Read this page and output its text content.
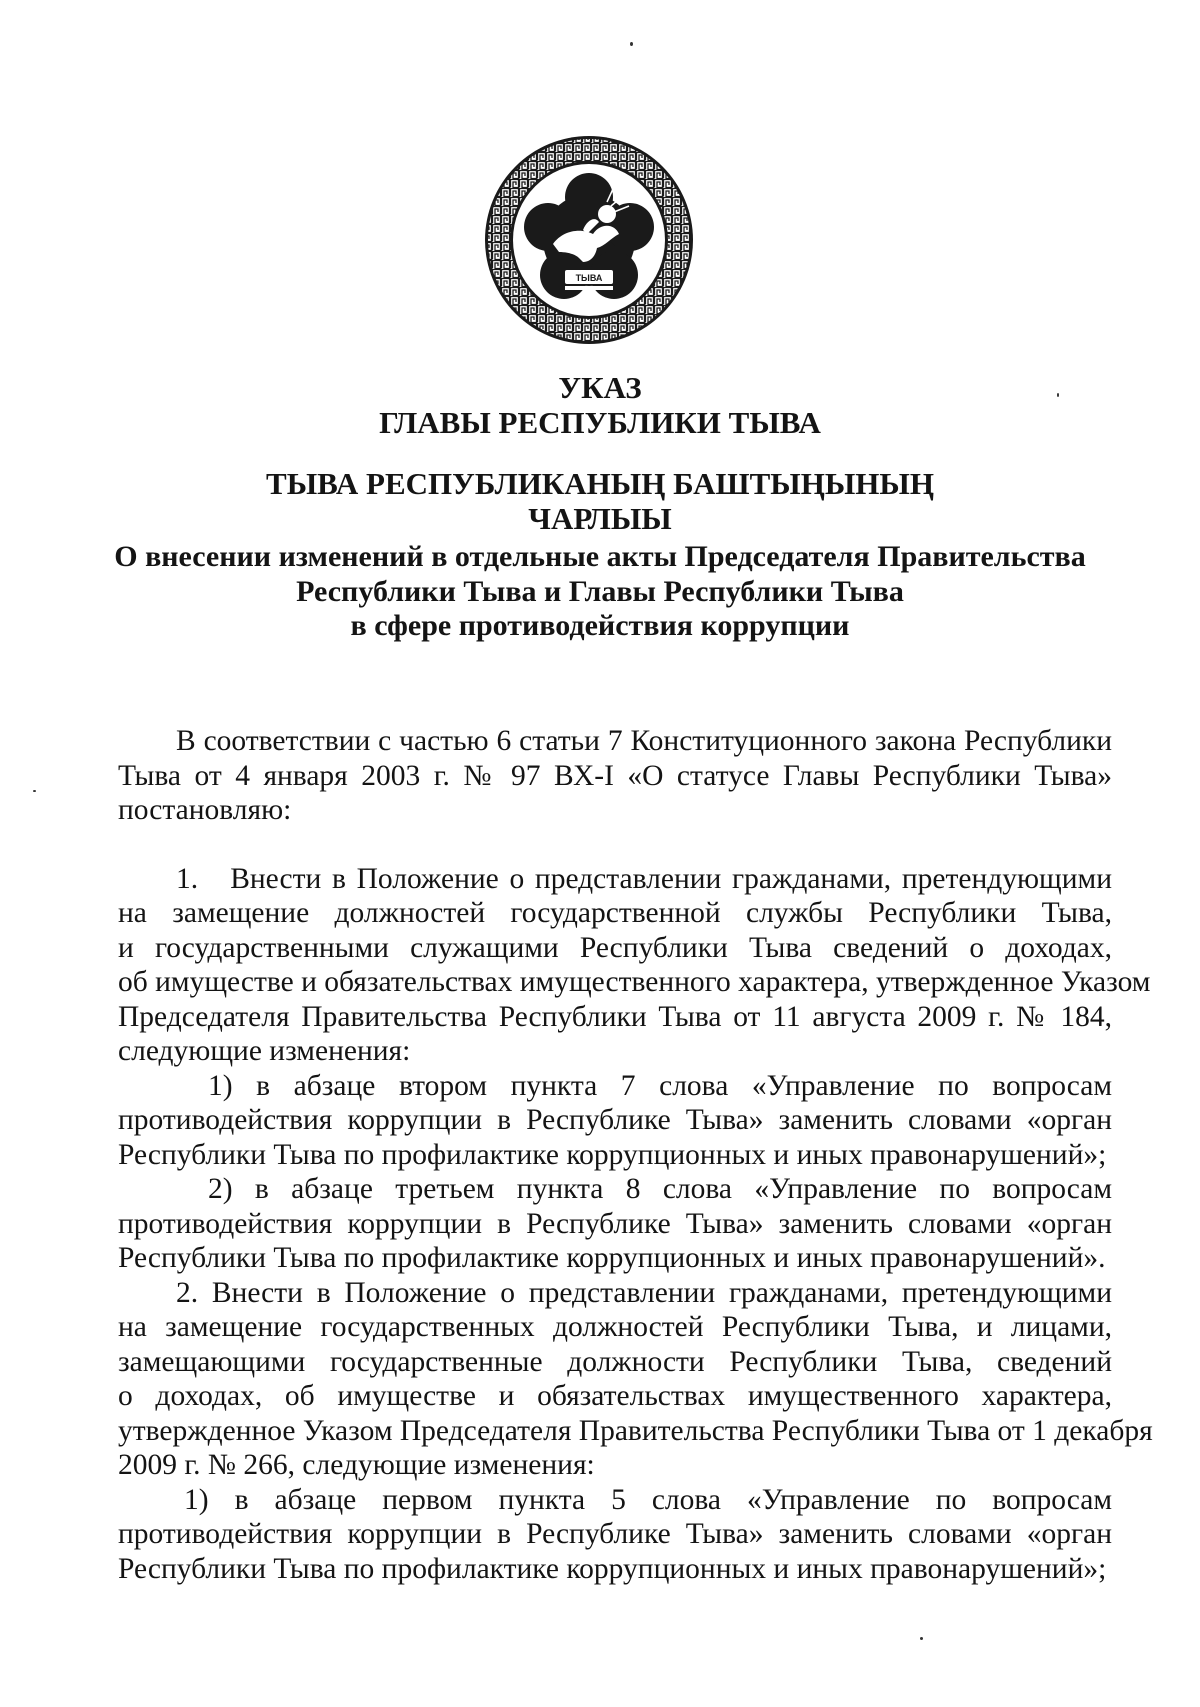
ТЫВА
УКАЗ
ГЛАВЫ РЕСПУБЛИКИ ТЫВА
ТЫВА РЕСПУБЛИКАНЫҢ БАШТЫҢЫНЫҢ
ЧАРЛЫЫ
О внесении изменений в отдельные акты Председателя Правительства
Республики Тыва и Главы Республики Тыва
в сфере противодействия коррупции
В соответствии с частью 6 статьи 7 Конституционного закона Республики
Тыва от 4 января 2003 г. № 97 ВХ-I «О статусе Главы Республики Тыва»
постановляю:
1. Внести в Положение о представлении гражданами, претендующими
на замещение должностей государственной службы Республики Тыва,
и государственными служащими Республики Тыва сведений о доходах,
об имуществе и обязательствах имущественного характера, утвержденное Указом
Председателя Правительства Республики Тыва от 11 августа 2009 г. № 184,
следующие изменения:
1) в абзаце втором пункта 7 слова «Управление по вопросам
противодействия коррупции в Республике Тыва» заменить словами «орган
Республики Тыва по профилактике коррупционных и иных правонарушений»;
2) в абзаце третьем пункта 8 слова «Управление по вопросам
противодействия коррупции в Республике Тыва» заменить словами «орган
Республики Тыва по профилактике коррупционных и иных правонарушений».
2. Внести в Положение о представлении гражданами, претендующими
на замещение государственных должностей Республики Тыва, и лицами,
замещающими государственные должности Республики Тыва, сведений
о доходах, об имуществе и обязательствах имущественного характера,
утвержденное Указом Председателя Правительства Республики Тыва от 1 декабря
2009 г. № 266, следующие изменения:
1) в абзаце первом пункта 5 слова «Управление по вопросам
противодействия коррупции в Республике Тыва» заменить словами «орган
Республики Тыва по профилактике коррупционных и иных правонарушений»;
